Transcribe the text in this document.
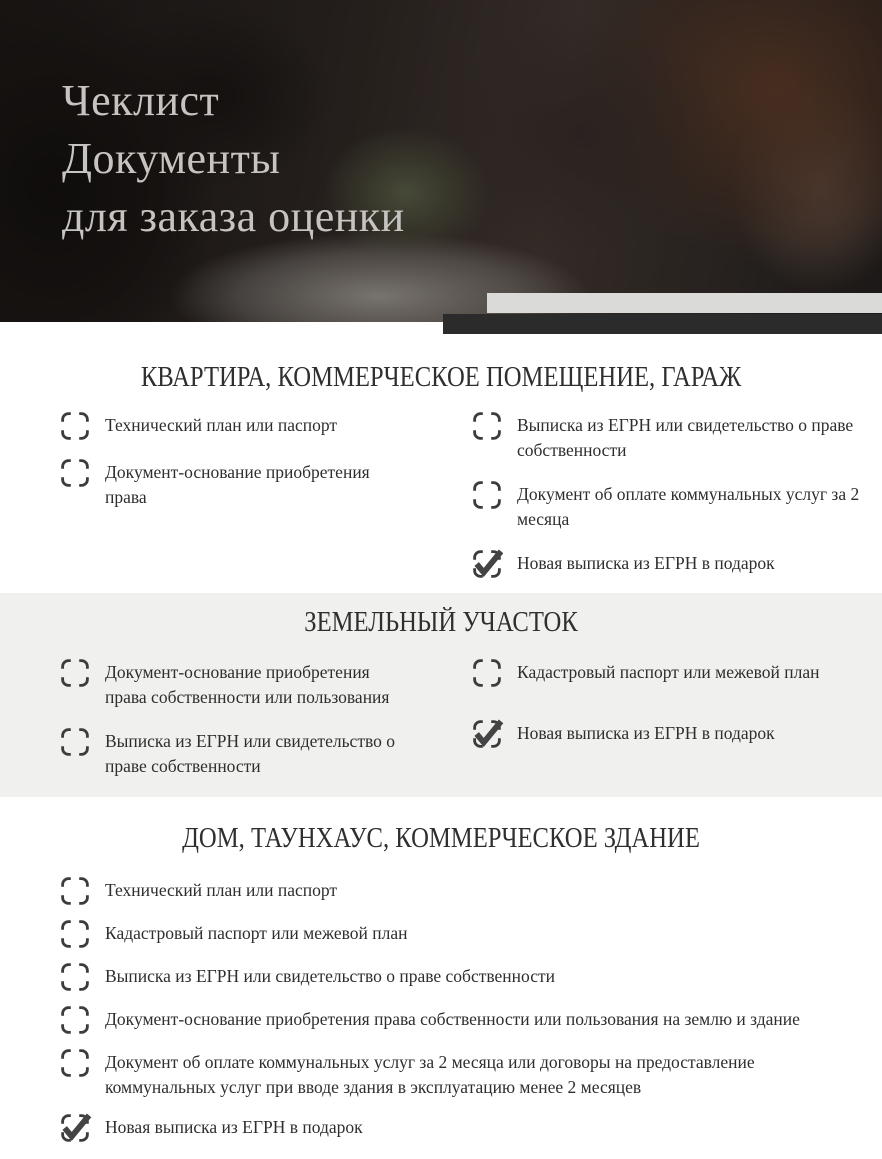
Чеклист
Документы
для заказа оценки
КВАРТИРА, КОММЕРЧЕСКОЕ ПОМЕЩЕНИЕ, ГАРАЖ
Технический план или паспорт
Документ-основание приобретения права
Выписка из ЕГРН или свидетельство о праве собственности
Документ об оплате коммунальных услуг за 2 месяца
Новая выписка из ЕГРН в подарок
ЗЕМЕЛЬНЫЙ УЧАСТОК
Документ-основание приобретения права собственности или пользования
Выписка из ЕГРН или свидетельство о праве собственности
Кадастровый паспорт или межевой план
Новая выписка из ЕГРН в подарок
ДОМ, ТАУНХАУС, КОММЕРЧЕСКОЕ ЗДАНИЕ
Технический план или паспорт
Кадастровый паспорт или межевой план
Выписка из ЕГРН или свидетельство о праве собственности
Документ-основание приобретения права собственности или пользования на землю и здание
Документ об оплате коммунальных услуг за 2 месяца или договоры на предоставление коммунальных услуг при вводе здания в эксплуатацию менее 2 месяцев
Новая выписка из ЕГРН в подарок
